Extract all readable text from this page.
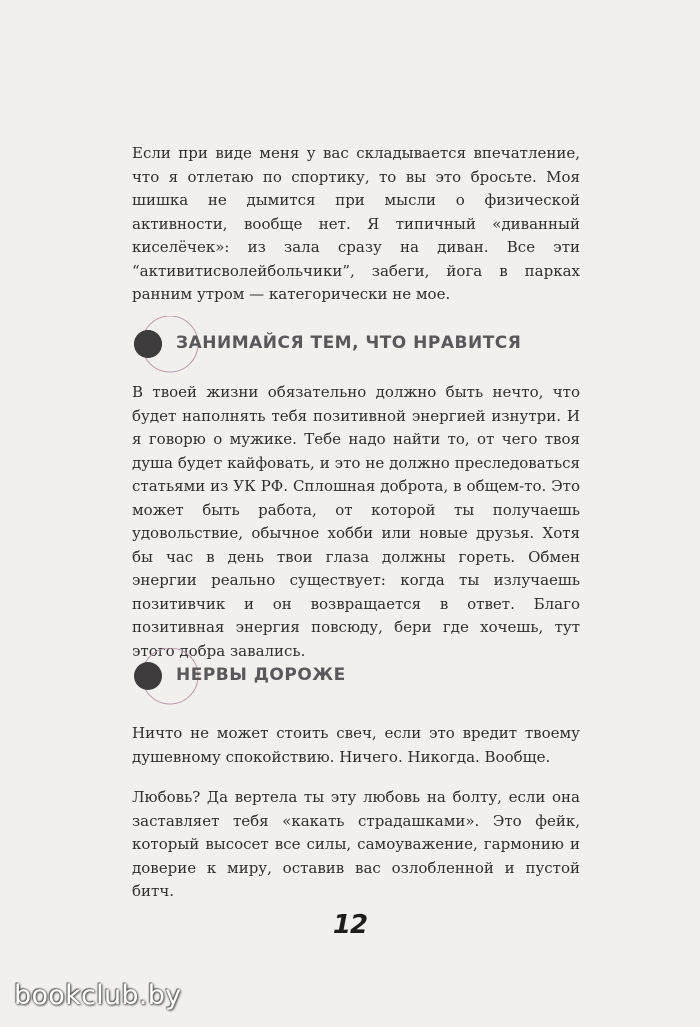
Если при виде меня у вас складывается впечатление, что я отлетаю по спортику, то вы это бросьте. Моя шишка не дымится при мысли о физической активности, вообще нет. Я типичный «диванный киселёчек»: из зала сразу на диван. Все эти “активитисволейбольчики”, забеги, йога в парках ранним утром — категорически не мое.

ЗАНИМАЙСЯ ТЕМ, ЧТО НРАВИТСЯ

В твоей жизни обязательно должно быть нечто, что будет наполнять тебя позитивной энергией изнутри. И я говорю о мужике. Тебе надо найти то, от чего твоя душа будет кайфовать, и это не должно преследоваться статьями из УК РФ. Сплошная доброта, в общем-то. Это может быть работа, от которой ты получаешь удовольствие, обычное хобби или новые друзья. Хотя бы час в день твои глаза должны гореть. Обмен энергии реально существует: когда ты излучаешь позитивчик и он возвращается в ответ. Благо позитивная энергия повсюду, бери где хочешь, тут этого добра завались.

НЕРВЫ ДОРОЖЕ

Ничто не может стоить свеч, если это вредит твоему душевному спокойствию. Ничего. Никогда. Вообще.

Любовь? Да вертела ты эту любовь на болту, если она заставляет тебя «какать страдашками». Это фейк, который высосет все силы, самоуважение, гармонию и доверие к миру, оставив вас озлобленной и пустой битч.

12
bookclub.by
